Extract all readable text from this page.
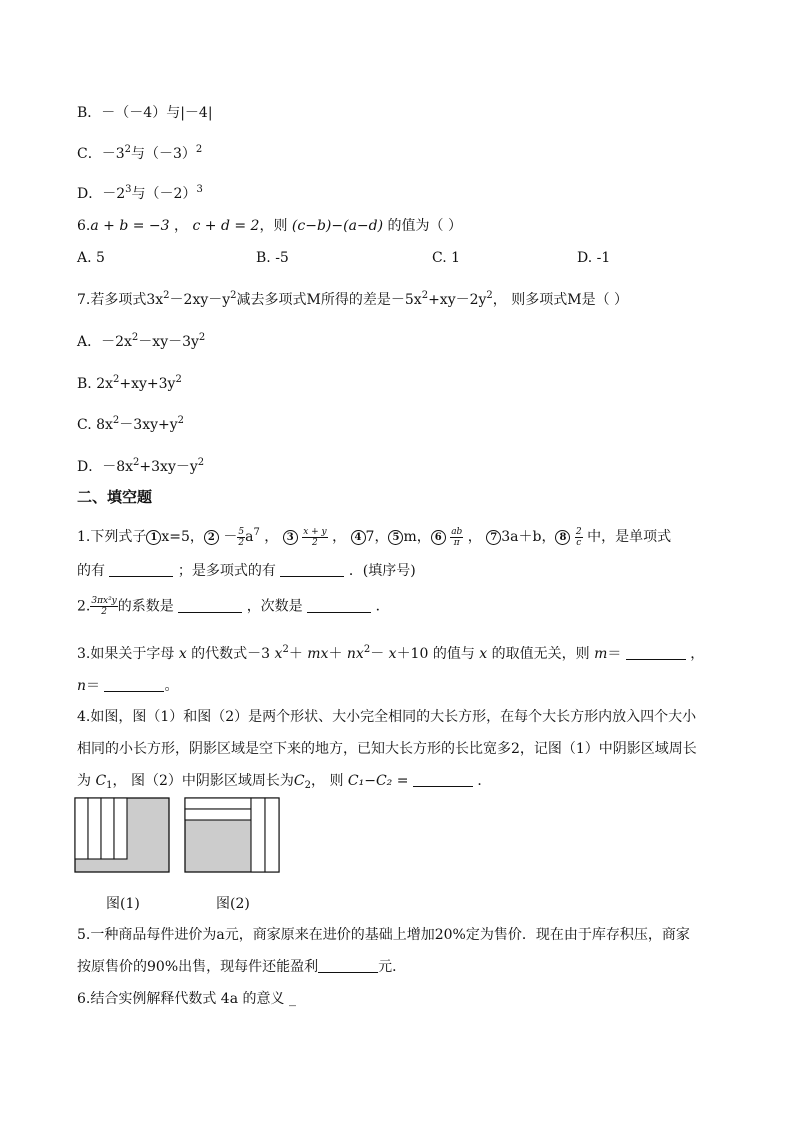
B．－（－4）与|－4|
C．$-3^2$与$(-3)^2$
D．$-2^3$与$(-2)^3$
6.a + b = −3 ， c + d = 2，则 (c−b)−(a−d) 的值为（ ）
A. 5	B. -5	C. 1	D. -1
7.若多项式$3x^2-2xy-y^2$减去多项式M所得的差是$-5x^2+xy-2y^2$， 则多项式M是（ ）
A．$-2x^2-xy-3y^2$
B. $2x^2+xy+3y^2$
C. $8x^2-3xy+y^2$
D．$-8x^2+3xy-y^2$
二、填空题
1.下列式子 1 x=5， $2 - \frac{5}{2} a^7$ ， $3 \frac{x + y}{2}$ ， 4 7， 5 m， $6 \frac{ab}{\pi}$ ， 7 3a＋b， $8 \frac{2}{c}$ 中，是单项式
的有	；是多项式的有	．(填序号)
2. $\frac{\text{3πx²y}}{2}$ 的系数是	，次数是	．
3.如果关于字母 x 的代数式－3 $x^2+ mx+ nx^2- x+10$ 的值与 x 的取值无关，则 m＝	，
n＝	。
4.如图，图（1）和图（2）是两个形状、大小完全相同的大长方形，在每个大长方形内放入四个大小
相同的小长方形，阴影区域是空下来的地方，已知大长方形的长比宽多2，记图（1）中阴影区域周长
为 $C_1$， 图（2）中阴影区域周长为$C_2$， 则 C₁−C₂ =	．
图(1)	图(2)
5.一种商品每件进价为a元，商家原来在进价的基础上增加20%定为售价．现在由于库存积压，商家
按原售价的90%出售，现每件还能盈利	元．
6.结合实例解释代数式 4a 的意义 _
